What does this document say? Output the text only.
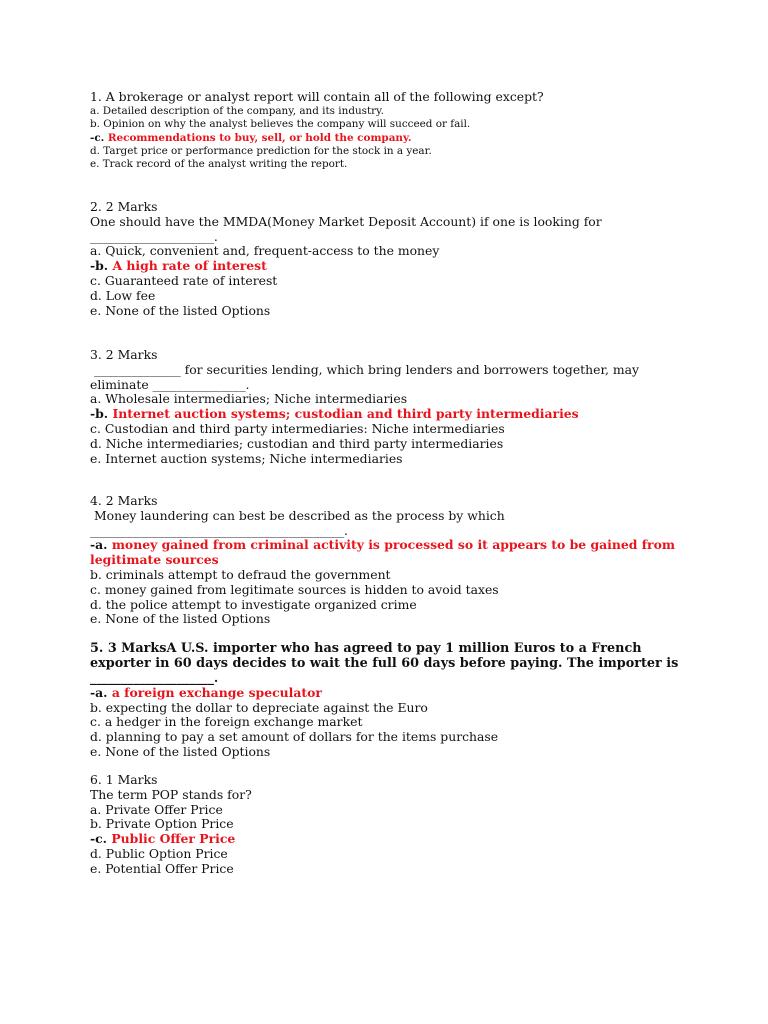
1. A brokerage or analyst report will contain all of the following except?
a. Detailed description of the company, and its industry.
b. Opinion on why the analyst believes the company will succeed or fail.
-c. Recommendations to buy, sell, or hold the company.
d. Target price or performance prediction for the stock in a year.
e. Track record of the analyst writing the report.
2. 2 Marks
One should have the MMDA(Money Market Deposit Account) if one is looking for
____________________.
a. Quick, convenient and, frequent-access to the money
-b. A high rate of interest
c. Guaranteed rate of interest
d. Low fee
e. None of the listed Options
3. 2 Marks
______________ for securities lending, which bring lenders and borrowers together, may
eliminate _______________.
a. Wholesale intermediaries; Niche intermediaries
-b. Internet auction systems; custodian and third party intermediaries
c. Custodian and third party intermediaries: Niche intermediaries
d. Niche intermediaries; custodian and third party intermediaries
e. Internet auction systems; Niche intermediaries
4. 2 Marks
Money laundering can best be described as the process by which
_________________________________________.
-a. money gained from criminal activity is processed so it appears to be gained from
legitimate sources
b. criminals attempt to defraud the government
c. money gained from legitimate sources is hidden to avoid taxes
d. the police attempt to investigate organized crime
e. None of the listed Options
5. 3 MarksA U.S. importer who has agreed to pay 1 million Euros to a French exporter in 60 days decides to wait the full 60 days before paying. The importer is
____________________.
-a. a foreign exchange speculator
b. expecting the dollar to depreciate against the Euro
c. a hedger in the foreign exchange market
d. planning to pay a set amount of dollars for the items purchase
e. None of the listed Options
6. 1 Marks
The term POP stands for?
a. Private Offer Price
b. Private Option Price
-c. Public Offer Price
d. Public Option Price
e. Potential Offer Price
